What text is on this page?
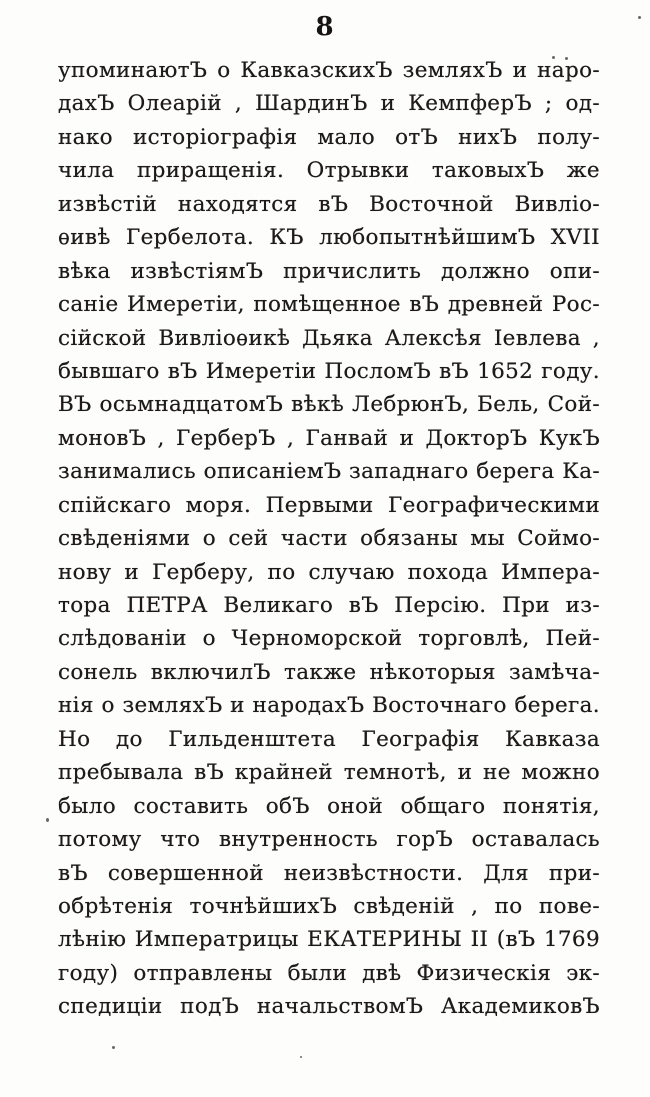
8

упоминаютЪ о КавказскихЪ земляхЪ и наро-

дахЪ Олеарій , ШардинЪ и КемпферЪ ; од-

нако исторіографія мало отЪ нихЪ полу-

чила приращенія. Отрывки таковыхЪ же

извѣстій находятся вЪ Восточной Вивліо-

ѳивѣ Гербелота. КЪ любопытнѣйшимЪ XVII

вѣка извѣстіямЪ причислить должно опи-

саніе Имеретіи, помѣщенное вЪ древней Рос-

сійской Вивліоѳикѣ Дьяка Алексѣя Іевлева ,

бывшаго вЪ Имеретіи ПосломЪ вЪ 1652 году.

ВЪ осьмнадцатомЪ вѣкѣ ЛебрюнЪ, Бель, Сой-

моновЪ , ГерберЪ , Ганвай и ДокторЪ КукЪ

занимались описаніемЪ западнаго берега Ка-

спійскаго моря. Первыми Географическими

свѣденіями о сей части обязаны мы Соймо-

нову и Герберу, по случаю похода Импера-

тора ПЕТРА Великаго вЪ Персію. При из-

слѣдованіи о Черноморской торговлѣ, Пей-

сонель включилЪ также нѣкоторыя замѣча-

нія о земляхЪ и народахЪ Восточнаго берега.

Но до Гильденштета Географія Кавказа

пребывала вЪ крайней темнотѣ, и не можно

было составить обЪ оной общаго понятія,

потому что внутренность горЪ оставалась

вЪ совершенной неизвѣстности. Для при-

обрѣтенія точнѣйшихЪ свѣденій , по пове-

лѣнію Императрицы ЕКАТЕРИНЫ II (вЪ 1769

году) отправлены были двѣ Физическія эк-

спедиціи подЪ начальствомЪ АкадемиковЪ
